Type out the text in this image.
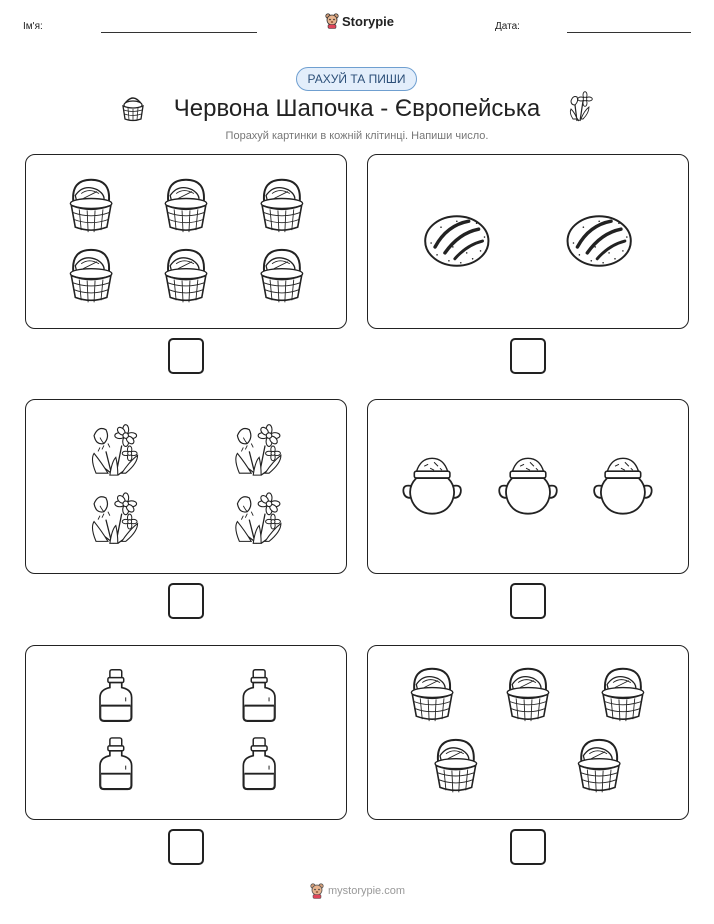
Ім'я:	Storypie	Дата:
РАХУЙ ТА ПИШИ
Червона Шапочка - Європейська
Порахуй картинки в кожній клітинці. Напиши число.
mystorypie.com
